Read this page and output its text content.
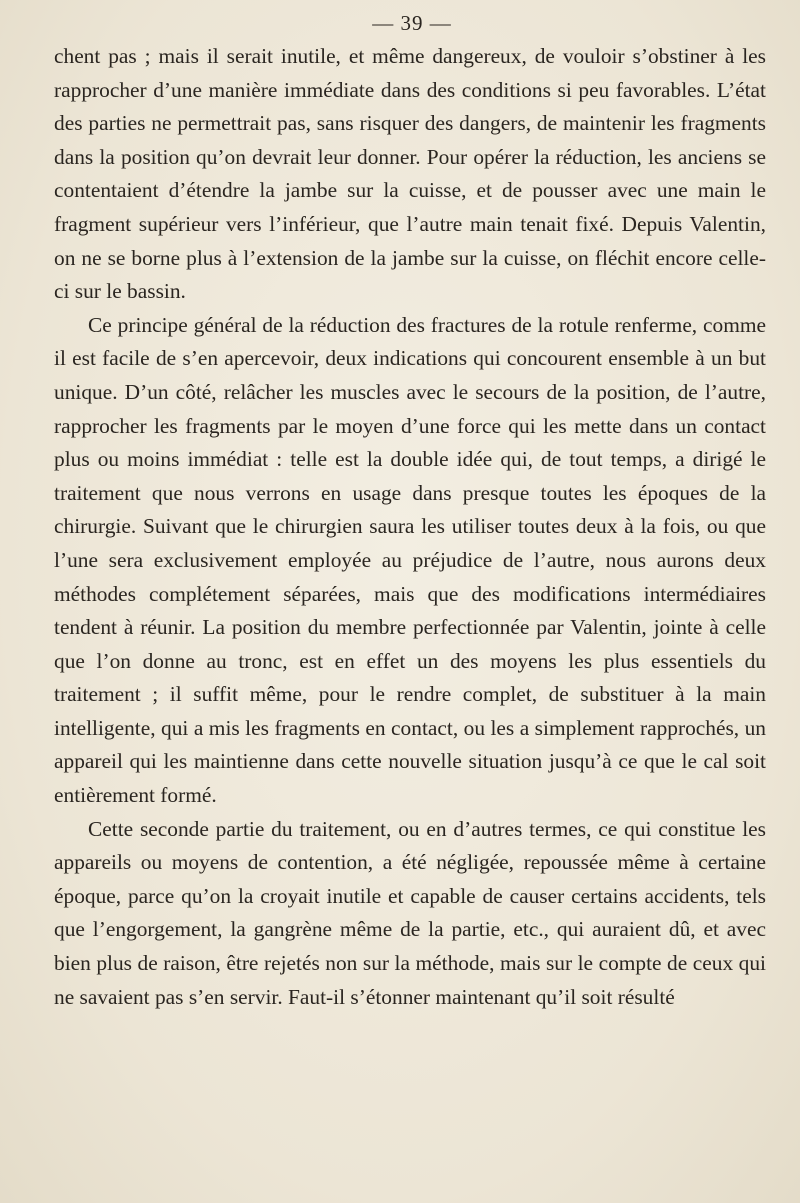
— 39 —

chent pas ; mais il serait inutile, et même dangereux, de vouloir s’obstiner à les rapprocher d’une manière immédiate dans des conditions si peu favorables. L’état des parties ne permettrait pas, sans risquer des dangers, de maintenir les fragments dans la position qu’on devrait leur donner. Pour opérer la réduction, les anciens se contentaient d’étendre la jambe sur la cuisse, et de pousser avec une main le fragment supérieur vers l’inférieur, que l’autre main tenait fixé. Depuis Valentin, on ne se borne plus à l’extension de la jambe sur la cuisse, on fléchit encore celle-ci sur le bassin.

Ce principe général de la réduction des fractures de la rotule renferme, comme il est facile de s’en apercevoir, deux indications qui concourent ensemble à un but unique. D’un côté, relâcher les muscles avec le secours de la position, de l’autre, rapprocher les fragments par le moyen d’une force qui les mette dans un contact plus ou moins immédiat : telle est la double idée qui, de tout temps, a dirigé le traitement que nous verrons en usage dans presque toutes les époques de la chirurgie. Suivant que le chirurgien saura les utiliser toutes deux à la fois, ou que l’une sera exclusivement employée au préjudice de l’autre, nous aurons deux méthodes complétement séparées, mais que des modifications intermédiaires tendent à réunir. La position du membre perfectionnée par Valentin, jointe à celle que l’on donne au tronc, est en effet un des moyens les plus essentiels du traitement ; il suffit même, pour le rendre complet, de substituer à la main intelligente, qui a mis les fragments en contact, ou les a simplement rapprochés, un appareil qui les maintienne dans cette nouvelle situation jusqu’à ce que le cal soit entièrement formé.

Cette seconde partie du traitement, ou en d’autres termes, ce qui constitue les appareils ou moyens de contention, a été négligée, repoussée même à certaine époque, parce qu’on la croyait inutile et capable de causer certains accidents, tels que l’engorgement, la gangrène même de la partie, etc., qui auraient dû, et avec bien plus de raison, être rejetés non sur la méthode, mais sur le compte de ceux qui ne savaient pas s’en servir. Faut-il s’étonner maintenant qu’il soit résulté
